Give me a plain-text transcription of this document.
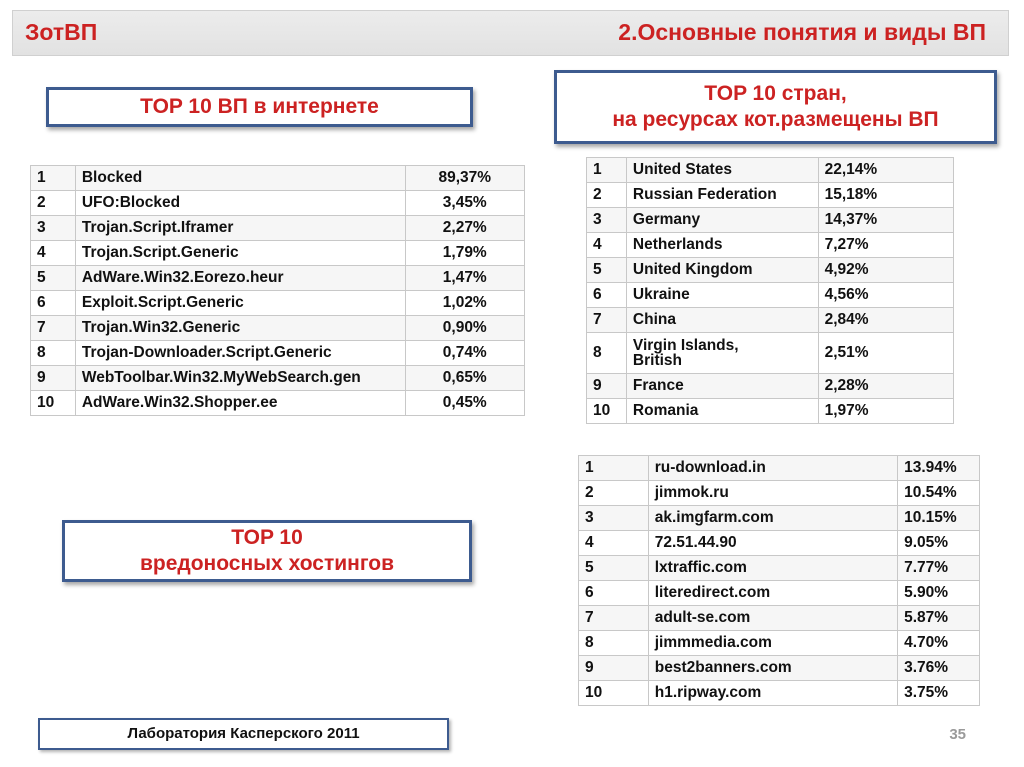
ЗотВП	2.Основные понятия и виды ВП
TOP 10 ВП в интернете
TOP 10 стран,
на ресурсах кот.размещены ВП
TOP 10
вредоносных хостингов
1	Blocked	89,37%
2	UFO:Blocked	3,45%
3	Trojan.Script.Iframer	2,27%
4	Trojan.Script.Generic	1,79%
5	AdWare.Win32.Eorezo.heur	1,47%
6	Exploit.Script.Generic	1,02%
7	Trojan.Win32.Generic	0,90%
8	Trojan-Downloader.Script.Generic	0,74%
9	WebToolbar.Win32.MyWebSearch.gen	0,65%
10	AdWare.Win32.Shopper.ee	0,45%
1	United States	22,14%
2	Russian Federation	15,18%
3	Germany	14,37%
4	Netherlands	7,27%
5	United Kingdom	4,92%
6	Ukraine	4,56%
7	China	2,84%
8	Virgin Islands,
British	2,51%
9	France	2,28%
10	Romania	1,97%
1	ru-download.in	13.94%
2	jimmok.ru	10.54%
3	ak.imgfarm.com	10.15%
4	72.51.44.90	9.05%
5	lxtraffic.com	7.77%
6	literedirect.com	5.90%
7	adult-se.com	5.87%
8	jimmmedia.com	4.70%
9	best2banners.com	3.76%
10	h1.ripway.com	3.75%
Лаборатория Касперского 2011	35
